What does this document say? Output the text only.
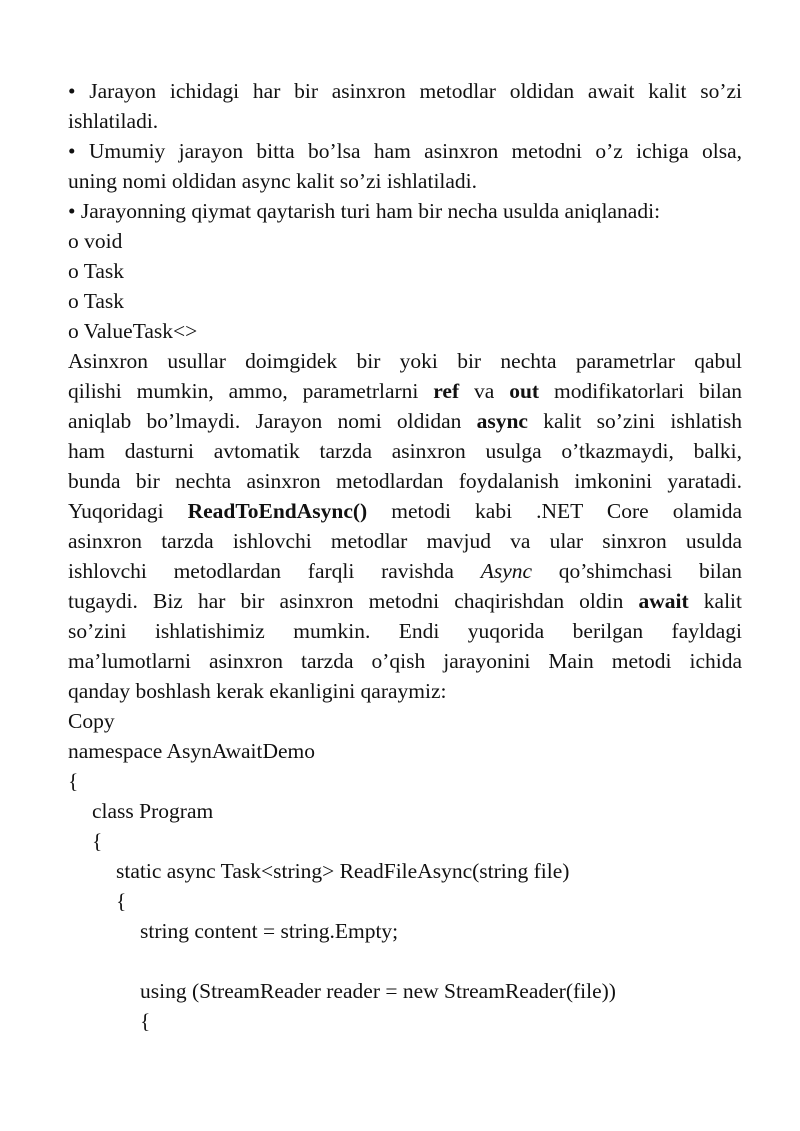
• Jarayon ichidagi har bir asinxron metodlar oldidan await kalit so’zi
ishlatiladi.
• Umumiy jarayon bitta bo’lsa ham asinxron metodni o’z ichiga olsa,
uning nomi oldidan async kalit so’zi ishlatiladi.
• Jarayonning qiymat qaytarish turi ham bir necha usulda aniqlanadi:
o void
o Task
o Task
o ValueTask<>
Asinxron usullar doimgidek bir yoki bir nechta parametrlar qabul
qilishi mumkin, ammo, parametrlarni ref va out modifikatorlari bilan
aniqlab bo’lmaydi. Jarayon nomi oldidan async kalit so’zini ishlatish
ham dasturni avtomatik tarzda asinxron usulga o’tkazmaydi, balki,
bunda bir nechta asinxron metodlardan foydalanish imkonini yaratadi.
Yuqoridagi ReadToEndAsync() metodi kabi .NET Core olamida
asinxron tarzda ishlovchi metodlar mavjud va ular sinxron usulda
ishlovchi metodlardan farqli ravishda Async qo’shimchasi bilan
tugaydi. Biz har bir asinxron metodni chaqirishdan oldin await kalit
so’zini ishlatishimiz mumkin. Endi yuqorida berilgan fayldagi
ma’lumotlarni asinxron tarzda o’qish jarayonini Main metodi ichida
qanday boshlash kerak ekanligini qaraymiz:
Copy
namespace AsynAwaitDemo
{
class Program
{
static async Task<string> ReadFileAsync(string file)
{
string content = string.Empty;
using (StreamReader reader = new StreamReader(file))
{
